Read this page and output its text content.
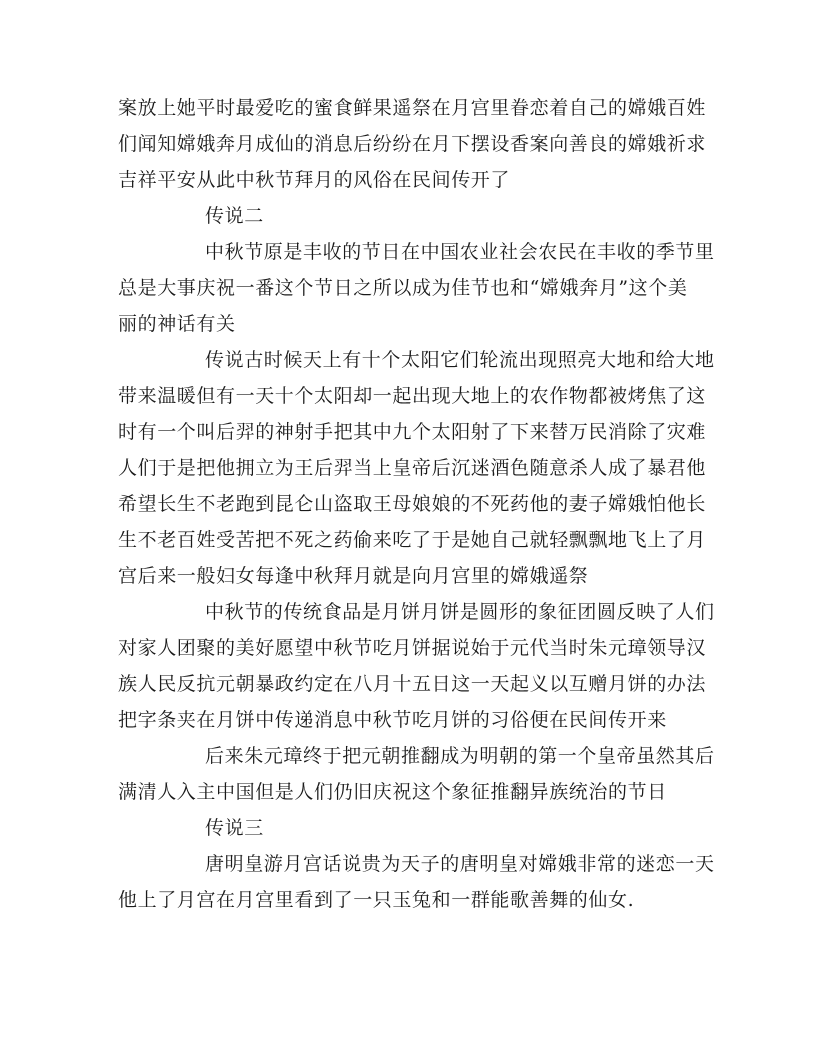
案放上她平时最爱吃的蜜食鲜果遥祭在月宫里眷恋着自己的嫦娥百姓
们闻知嫦娥奔月成仙的消息后纷纷在月下摆设香案向善良的嫦娥祈求
吉祥平安从此中秋节拜月的风俗在民间传开了
传说二
中秋节原是丰收的节日在中国农业社会农民在丰收的季节里
总是大事庆祝一番这个节日之所以成为佳节也和“嫦娥奔月”这个美
丽的神话有关
传说古时候天上有十个太阳它们轮流出现照亮大地和给大地
带来温暖但有一天十个太阳却一起出现大地上的农作物都被烤焦了这
时有一个叫后羿的神射手把其中九个太阳射了下来替万民消除了灾难
人们于是把他拥立为王后羿当上皇帝后沉迷酒色随意杀人成了暴君他
希望长生不老跑到昆仑山盗取王母娘娘的不死药他的妻子嫦娥怕他长
生不老百姓受苦把不死之药偷来吃了于是她自己就轻飘飘地飞上了月
宫后来一般妇女每逢中秋拜月就是向月宫里的嫦娥遥祭
中秋节的传统食品是月饼月饼是圆形的象征团圆反映了人们
对家人团聚的美好愿望中秋节吃月饼据说始于元代当时朱元璋领导汉
族人民反抗元朝暴政约定在八月十五日这一天起义以互赠月饼的办法
把字条夹在月饼中传递消息中秋节吃月饼的习俗便在民间传开来
后来朱元璋终于把元朝推翻成为明朝的第一个皇帝虽然其后
满清人入主中国但是人们仍旧庆祝这个象征推翻异族统治的节日
传说三
唐明皇游月宫话说贵为天子的唐明皇对嫦娥非常的迷恋一天
他上了月宫在月宫里看到了一只玉兔和一群能歌善舞的仙女.
